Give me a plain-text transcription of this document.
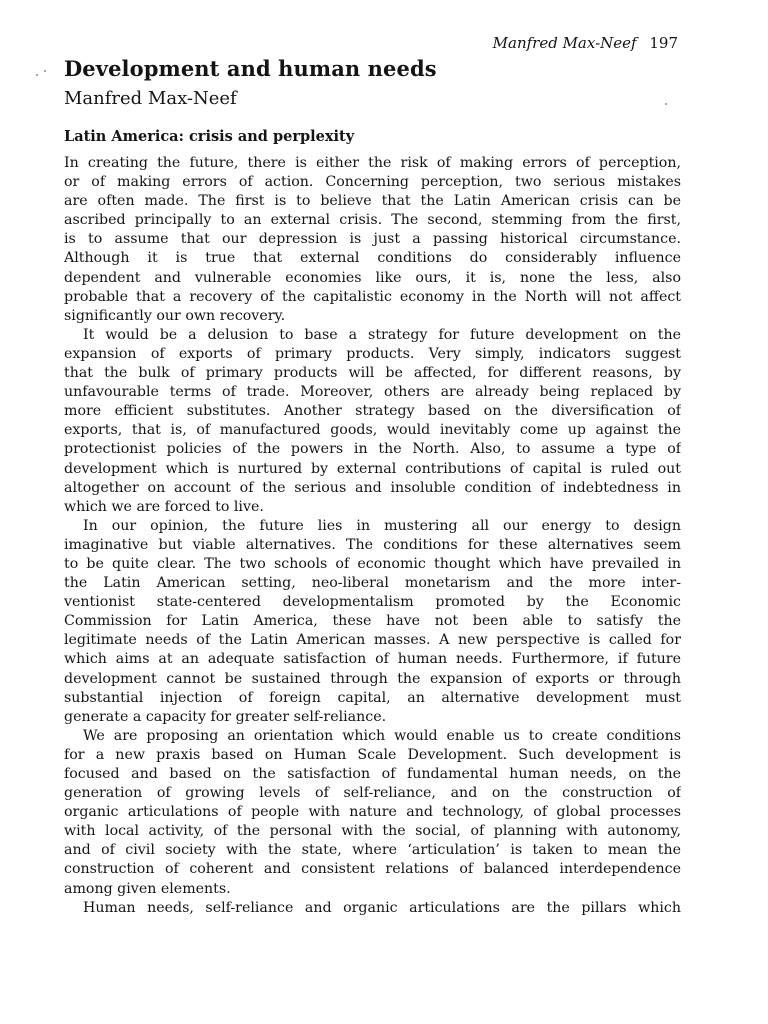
Manfred Max-Neef 197
Development and human needs

Manfred Max-Neef

Latin America: crisis and perplexity
In creating the future, there is either the risk of making errors of perception,
or of making errors of action. Concerning perception, two serious mistakes
are often made. The first is to believe that the Latin American crisis can be
ascribed principally to an external crisis. The second, stemming from the first,
is to assume that our depression is just a passing historical circumstance.
Although it is true that external conditions do considerably influence
dependent and vulnerable economies like ours, it is, none the less, also
probable that a recovery of the capitalistic economy in the North will not affect
significantly our own recovery.
It would be a delusion to base a strategy for future development on the
expansion of exports of primary products. Very simply, indicators suggest
that the bulk of primary products will be affected, for different reasons, by
unfavourable terms of trade. Moreover, others are already being replaced by
more efficient substitutes. Another strategy based on the diversification of
exports, that is, of manufactured goods, would inevitably come up against the
protectionist policies of the powers in the North. Also, to assume a type of
development which is nurtured by external contributions of capital is ruled out
altogether on account of the serious and insoluble condition of indebtedness in
which we are forced to live.
In our opinion, the future lies in mustering all our energy to design
imaginative but viable alternatives. The conditions for these alternatives seem
to be quite clear. The two schools of economic thought which have prevailed in
the Latin American setting, neo-liberal monetarism and the more inter-
ventionist state-centered developmentalism promoted by the Economic
Commission for Latin America, these have not been able to satisfy the
legitimate needs of the Latin American masses. A new perspective is called for
which aims at an adequate satisfaction of human needs. Furthermore, if future
development cannot be sustained through the expansion of exports or through
substantial injection of foreign capital, an alternative development must
generate a capacity for greater self-reliance.
We are proposing an orientation which would enable us to create conditions
for a new praxis based on Human Scale Development. Such development is
focused and based on the satisfaction of fundamental human needs, on the
generation of growing levels of self-reliance, and on the construction of
organic articulations of people with nature and technology, of global processes
with local activity, of the personal with the social, of planning with autonomy,
and of civil society with the state, where ‘articulation’ is taken to mean the
construction of coherent and consistent relations of balanced interdependence
among given elements.
Human needs, self-reliance and organic articulations are the pillars which
